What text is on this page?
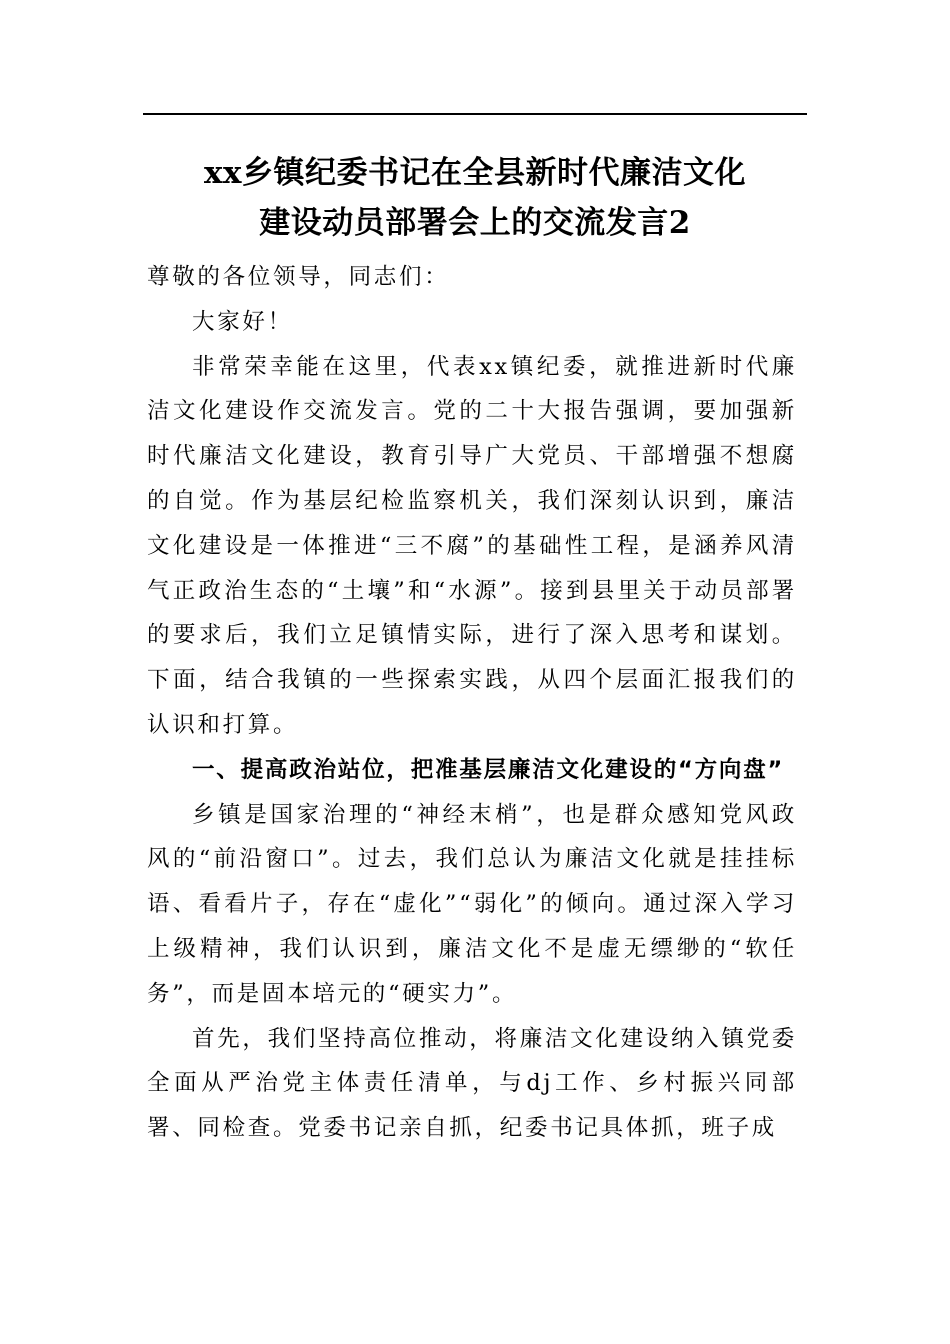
xx乡镇纪委书记在全县新时代廉洁文化
建设动员部署会上的交流发言2

尊敬的各位领导，同志们：

大家好！

非常荣幸能在这里，代表xx镇纪委，就推进新时代廉洁文化建设作交流发言。党的二十大报告强调，要加强新时代廉洁文化建设，教育引导广大党员、干部增强不想腐的自觉。作为基层纪检监察机关，我们深刻认识到，廉洁文化建设是一体推进“三不腐”的基础性工程，是涵养风清气正政治生态的“土壤”和“水源”。接到县里关于动员部署的要求后，我们立足镇情实际，进行了深入思考和谋划。下面，结合我镇的一些探索实践，从四个层面汇报我们的认识和打算。

一、提高政治站位，把准基层廉洁文化建设的“方向盘”

乡镇是国家治理的“神经末梢”，也是群众感知党风政风的“前沿窗口”。过去，我们总认为廉洁文化就是挂挂标语、看看片子，存在“虚化”“弱化”的倾向。通过深入学习上级精神，我们认识到，廉洁文化不是虚无缥缈的“软任务”，而是固本培元的“硬实力”。

首先，我们坚持高位推动，将廉洁文化建设纳入镇党委全面从严治党主体责任清单，与dj工作、乡村振兴同部署、同检查。党委书记亲自抓，纪委书记具体抓，班子成
